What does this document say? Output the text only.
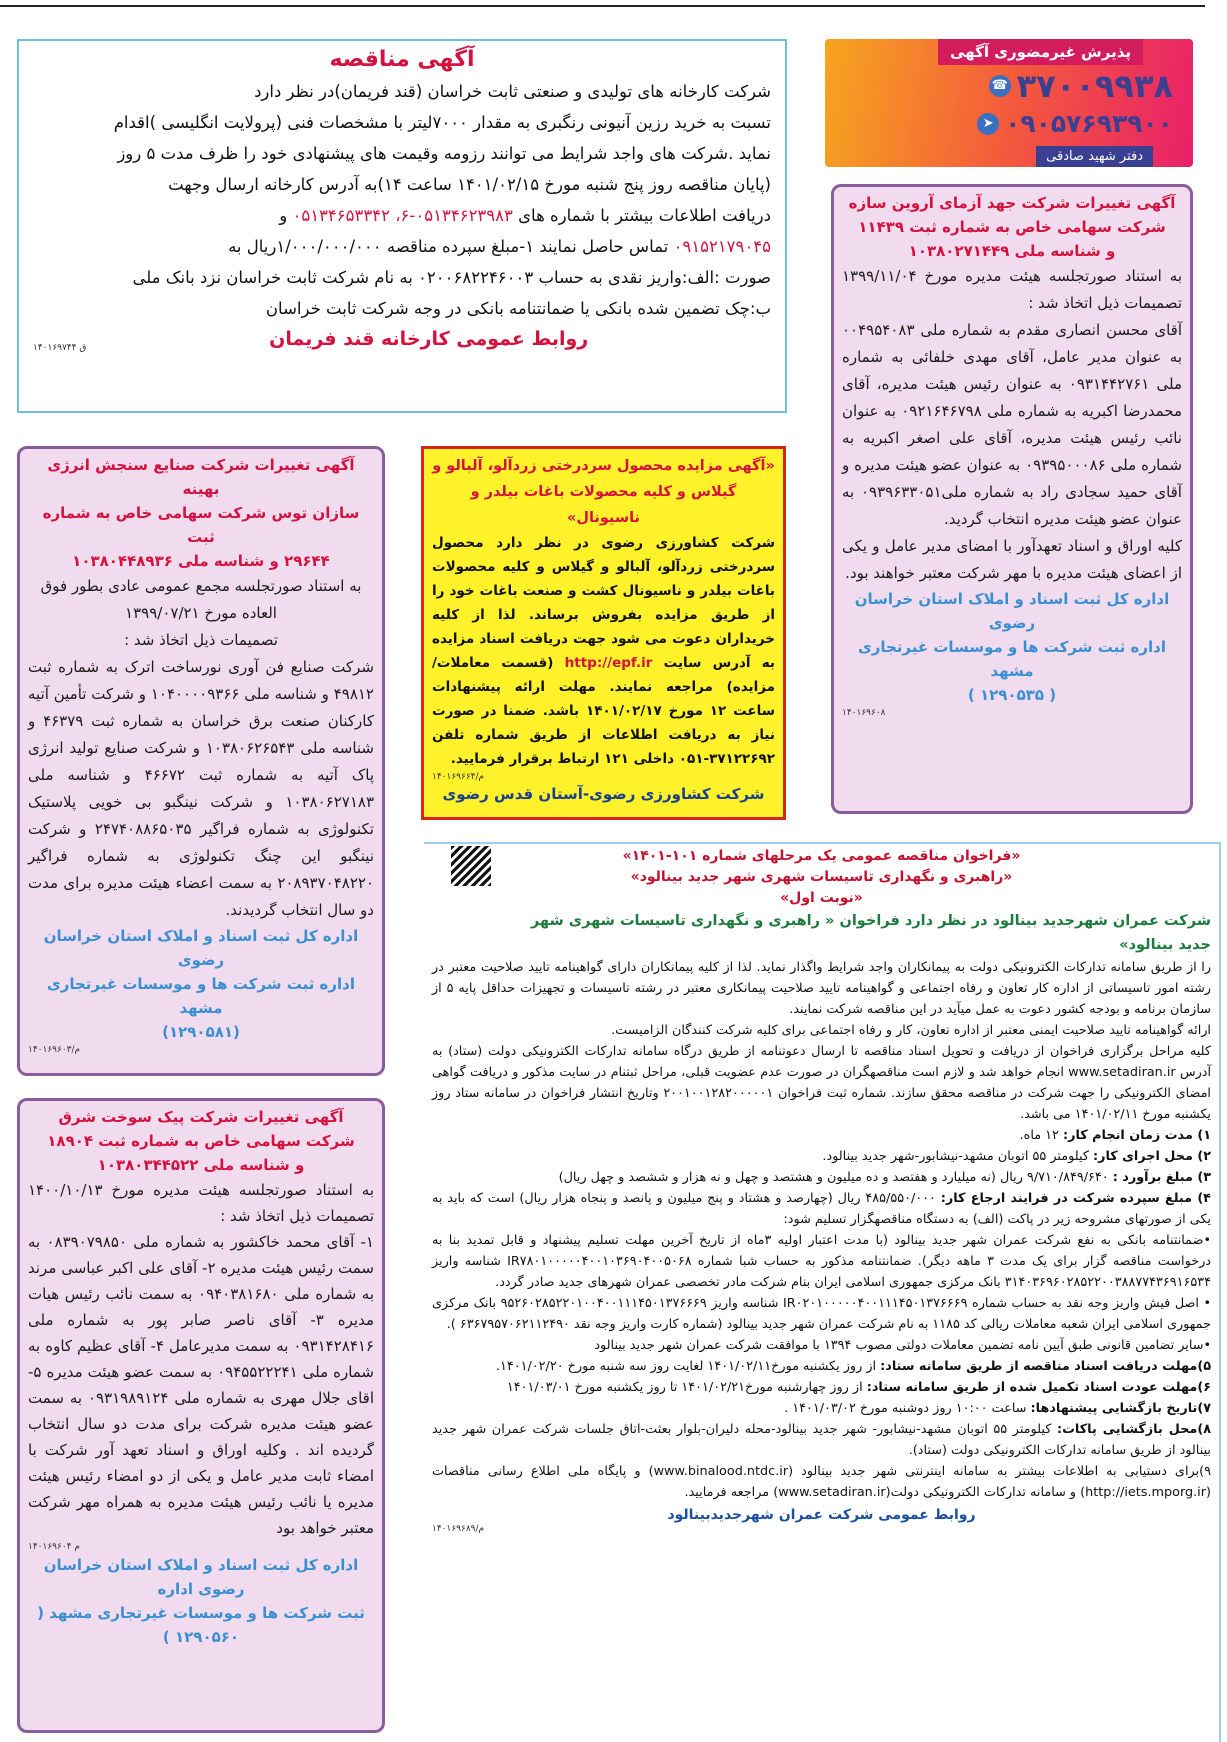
آگهی مناقصه

شرکت کارخانه های تولیدی و صنعتی ثابت خراسان (قند فریمان)در نظر دارد

تسبت به خرید رزین آنیونی رنگبری به مقدار ۷۰۰۰لیتر با مشخصات فنی (پرولایت انگلیسی )اقدام

نماید .شرکت های واجد شرایط می توانند رزومه وقیمت های پیشنهادی خود را ظرف مدت ۵ روز

(پایان مناقصه روز پنج شنبه مورخ ۱۴۰۱/۰۲/۱۵ ساعت ۱۴)به آدرس کارخانه ارسال وجهت

دریافت اطلاعات بیشتر با شماره های ۰۵۱۳۴۶۲۳۹۸۳-۶، ۰۵۱۳۴۶۵۳۳۴۲ و

۰۹۱۵۲۱۷۹۰۴۵ تماس حاصل نمایند ۱-مبلغ سپرده مناقصه ۱/۰۰۰/۰۰۰/۰۰۰ریال به

صورت :الف:واریز نقدی به حساب ۰۲۰۰۶۸۲۲۴۶۰۰۳ به نام شرکت ثابت خراسان نزد بانک ملی

ب:چک تضمین شده بانکی یا ضمانتنامه بانکی در وجه شرکت ثابت خراسان

روابط عمومی کارخانه قند فریمان
۱۴۰۱۶۹۷۴۴ ق
پذیرش غیرمضوری آگهی
☎ ۳۷۰۰۹۹۳۸
➤ ۰۹۰۵۷۶۹۳۹۰۰
دفتر شهید صادقی
آگهی تغییرات شرکت جهد آزمای آروین سازه
شرکت سهامی خاص به شماره ثبت ۱۱۴۳۹
و شناسه ملی ۱۰۳۸۰۲۷۱۴۴۹

به استناد صورتجلسه هیئت مدیره مورخ ۱۳۹۹/۱۱/۰۴ تصمیمات ذیل اتخاذ شد :

آقای محسن انصاری مقدم به شماره ملی ۰۰۴۹۵۴۰۸۳ به عنوان مدیر عامل، آقای مهدی خلفائی به شماره ملی ۰۹۳۱۴۴۲۷۶۱ به عنوان رئیس هیئت مدیره، آقای محمدرضا اکبریه به شماره ملی ۰۹۲۱۶۴۶۷۹۸ به عنوان نائب رئیس هیئت مدیره، آقای علی اصغر اکبریه به شماره ملی ۰۹۳۹۵۰۰۰۸۶ به عنوان عضو هیئت مدیره و آقای حمید سجادی راد به شماره ملی۰۹۳۹۶۳۳۰۵۱ به عنوان عضو هیئت مدیره انتخاب گردید.

کلیه اوراق و اسناد تعهدآور با امضای مدیر عامل و یکی از اعضای هیئت مدیره با مهر شرکت معتبر خواهند بود.

اداره کل ثبت اسناد و املاک استان خراسان رضوی
اداره ثبت شرکت ها و موسسات غیرتجاری مشهد
( ۱۲۹۰۵۳۵ )
۱۴۰۱۶۹۶۰۸
آگهی تغییرات شرکت صنایع سنجش انرژی بهینه
سازان توس شرکت سهامی خاص به شماره ثبت
۲۹۶۴۴ و شناسه ملی ۱۰۳۸۰۴۴۸۹۳۶

به استناد صورتجلسه مجمع عمومی عادی بطور فوق العاده مورخ ۱۳۹۹/۰۷/۲۱

تصمیمات ذیل اتخاذ شد :

شرکت صنایع فن آوری نورساخت اترک به شماره ثبت ۴۹۸۱۲ و شناسه ملی ۱۰۴۰۰۰۰۹۳۶۶ و شرکت تأمین آتیه کارکنان صنعت برق خراسان به شماره ثبت ۴۶۳۷۹ و شناسه ملی ۱۰۳۸۰۶۲۶۵۴۳ و شرکت صنایع تولید انرژی پاک آتیه به شماره ثبت ۴۶۶۷۲ و شناسه ملی ۱۰۳۸۰۶۲۷۱۸۳ و شرکت نینگبو بی خویی پلاستیک تکنولوژی به شماره فراگیر ۲۴۷۴۰۸۸۶۵۰۳۵ و شرکت نینگبو این چنگ تکنولوژی به شماره فراگیر ۲۰۸۹۳۷۰۴۸۲۲۰ به سمت اعضاء هیئت مدیره برای مدت دو سال انتخاب گردیدند.

اداره کل ثبت اسناد و املاک استان خراسان رضوی
اداره ثبت شرکت ها و موسسات غیرتجاری مشهد
(۱۲۹۰۵۸۱)
۱۴۰۱۶۹۶۰۳/م
«آگهی مزایده محصول سردرختی زردآلو، آلبالو و گیلاس و کلیه محصولات باغات بیلدر و ناسیونال»

شرکت کشاورزی رضوی در نظر دارد محصول سردرختی زردآلو، آلبالو و گیلاس و کلیه محصولات باغات بیلدر و ناسیونال کشت و صنعت باغات خود را از طریق مزایده بفروش برساند. لذا از کلیه خریداران دعوت می شود جهت دریافت اسناد مزایده به آدرس سایت http://epf.ir (قسمت معاملات/ مزایده) مراجعه نمایند. مهلت ارائه پیشنهادات ساعت ۱۲ مورخ ۱۴۰۱/۰۲/۱۷ باشد. ضمنا در صورت نیاز به دریافت اطلاعات از طریق شماره تلفن ۳۷۱۲۲۶۹۲-۰۵۱ داخلی ۱۲۱ ارتباط برقرار فرمایید.

۱۴۰۱۶۹۶۶۴/م
شرکت کشاورزی رضوی-آستان قدس رضوی
آگهی تغییرات شرکت پیک سوخت شرق
شرکت سهامی خاص به شماره ثبت ۱۸۹۰۴
و شناسه ملی ۱۰۳۸۰۳۴۴۵۲۲

به استناد صورتجلسه هیئت مدیره مورخ ۱۴۰۰/۱۰/۱۳ تصمیمات ذیل اتخاذ شد :

۱- آقای محمد خاکشور به شماره ملی ۰۸۳۹۰۷۹۸۵۰ به سمت رئیس هیئت مدیره ۲- آقای علی اکبر عباسی مرند به شماره ملی ۰۹۴۰۳۸۱۶۸۰ به سمت نائب رئیس هیات مدیره ۳- آقای ناصر صابر پور به شماره ملی ۰۹۳۱۴۲۸۴۱۶ به سمت مدیرعامل ۴- آقای عظیم کاوه به شماره ملی ۰۹۴۵۵۲۲۲۴۱ به سمت عضو هیئت مدیره ۵- اقای جلال مهری به شماره ملی ۰۹۳۱۹۸۹۱۲۴ به سمت عضو هیئت مدیره شرکت برای مدت دو سال انتخاب گردیده اند . وکلیه اوراق و اسناد تعهد آور شرکت با امضاء ثابت مدیر عامل و یکی از دو امضاء رئیس هیئت مدیره یا نائب رئیس هیئت مدیره به همراه مهر شرکت معتبر خواهد بود

۱۴۰۱۶۹۶۰۴ م
اداره کل ثبت اسناد و املاک استان خراسان رضوی اداره
ثبت شرکت ها و موسسات غیرتجاری مشهد ( ۱۲۹۰۵۶۰ )
«فراخوان مناقصه عمومی یک مرحلهای شماره ۱۰۱-۱۴۰۱»
«راهبری و نگهداری تاسیسات شهری شهر جدید بینالود»
«نوبت اول»
شرکت عمران شهرجدید بینالود در نظر دارد فراخوان « راهبری و نگهداری تاسیسات شهری شهر جدید بینالود»

را از طریق سامانه تدارکات الکترونیکی دولت به پیمانکاران واجد شرایط واگذار نماید. لذا از کلیه پیمانکاران دارای گواهینامه تایید صلاحیت معتبر در رشته امور تاسیساتی از اداره کار تعاون و رفاه اجتماعی و گواهینامه تایید صلاحیت پیمانکاری معتبر در رشته تاسیسات و تجهیزات حداقل پایه ۵ از سازمان برنامه و بودجه کشور دعوت به عمل میآید در این مناقصه شرکت نمایند.

ارائه گواهینامه تایید صلاحیت ایمنی معتبر از اداره تعاون، کار و رفاه اجتماعی برای کلیه شرکت کنندگان الزامیست.

کلیه مراحل برگزاری فراخوان از دریافت و تحویل اسناد مناقصه تا ارسال دعوتنامه از طریق درگاه سامانه تدارکات الکترونیکی دولت (ستاد) به آدرس www.setadiran.ir انجام خواهد شد و لازم است مناقصهگران در صورت عدم عضویت قبلی، مراحل ثبتنام در سایت مذکور و دریافت گواهی امضای الکترونیکی را جهت شرکت در مناقصه محقق سازند. شماره ثبت فراخوان ۲۰۰۱۰۰۱۲۸۲۰۰۰۰۰۱ وتاریخ انتشار فراخوان در سامانه ستاد روز یکشنبه مورخ ۱۴۰۱/۰۲/۱۱ می باشد.

۱) مدت زمان انجام کار: ۱۲ ماه.

۲) محل اجرای کار: کیلومتر ۵۵ اتوبان مشهد-نیشابور-شهر جدید بینالود.

۳) مبلغ برآورد : ۹/۷۱۰/۸۴۹/۶۴۰ ریال (نه میلیارد و هفتصد و ده میلیون و هشتصد و چهل و نه هزار و ششصد و چهل ریال)

۴) مبلغ سپرده شرکت در فرایند ارجاع کار: ۴۸۵/۵۵۰/۰۰۰ ریال (چهارصد و هشتاد و پنج میلیون و پانصد و پنجاه هزار ریال) است که باید به یکی از صورتهای مشروحه زیر در پاکت (الف) به دستگاه مناقصهگزار تسلیم شود:

•ضمانتنامه بانکی به نفع شرکت عمران شهر جدید بینالود (با مدت اعتبار اولیه ۳ماه از تاریخ آخرین مهلت تسلیم پیشنهاد و قابل تمدید بنا به درخواست مناقصه گزار برای یک مدت ۳ ماهه دیگر). ضمانتنامه مذکور به حساب شبا شماره IR۷۸۰۱۰۰۰۰۰۴۰۰۱۰۳۶۹۰۴۰۰۵۰۶۸ شناسه واریز ۳۱۴۰۳۶۹۶۰۲۸۵۲۲۰۰۳۸۸۷۷۴۳۶۹۱۶۵۳۴ بانک مرکزی جمهوری اسلامی ایران بنام شرکت مادر تخصصی عمران شهرهای جدید صادر گردد.

• اصل فیش واریز وجه نقد به حساب شماره IR۰۲۰۱۰۰۰۰۰۴۰۰۱۱۱۴۵۰۱۳۷۶۶۶۹ شناسه واریز ۹۵۲۶۰۲۸۵۲۲۰۱۰۰۴۰۰۱۱۱۴۵۰۱۳۷۶۶۶۹ بانک مرکزی جمهوری اسلامی ایران شعبه معاملات ریالی کد ۱۱۸۵ به نام شرکت عمران شهر جدید بینالود (شماره کارت واریز وجه نقد ۶۳۶۷۹۵۷۰۶۲۱۱۲۴۹۰ ).

•سایر تضامین قانونی طبق آیین نامه تضمین معاملات دولتی مصوب ۱۳۹۴ با موافقت شرکت عمران شهر جدید بینالود

۵)مهلت دریافت اسناد مناقصه از طریق سامانه ستاد: از روز یکشنبه مورخ۱۴۰۱/۰۲/۱۱ لغایت روز سه شنبه مورخ ۱۴۰۱/۰۲/۲۰.

۶)مهلت عودت اسناد تکمیل شده از طریق سامانه ستاد: از روز چهارشنبه مورخ۱۴۰۱/۰۲/۲۱ تا روز یکشنبه مورخ ۱۴۰۱/۰۳/۰۱

۷)تاریخ بازگشایی پیشنهادها: ساعت ۱۰:۰۰ روز دوشنبه مورخ ۱۴۰۱/۰۳/۰۲ .

۸)محل بازگشایی پاکات: کیلومتر ۵۵ اتوبان مشهد-نیشابور- شهر جدید بینالود-محله دلیران-بلوار بعثت-اتاق جلسات شرکت عمران شهر جدید بینالود از طریق سامانه تدارکات الکترونیکی دولت (ستاد).

۹)برای دستیابی به اطلاعات بیشتر به سامانه اینترنتی شهر جدید بینالود (www.binalood.ntdc.ir) و پایگاه ملی اطلاع رسانی مناقصات (http://iets.mporg.ir) و سامانه تدارکات الکترونیکی دولت(www.setadiran.ir) مراجعه فرمایید.

روابط عمومی شرکت عمران شهرجدیدبینالود
۱۴۰۱۶۹۶۸۹/م
